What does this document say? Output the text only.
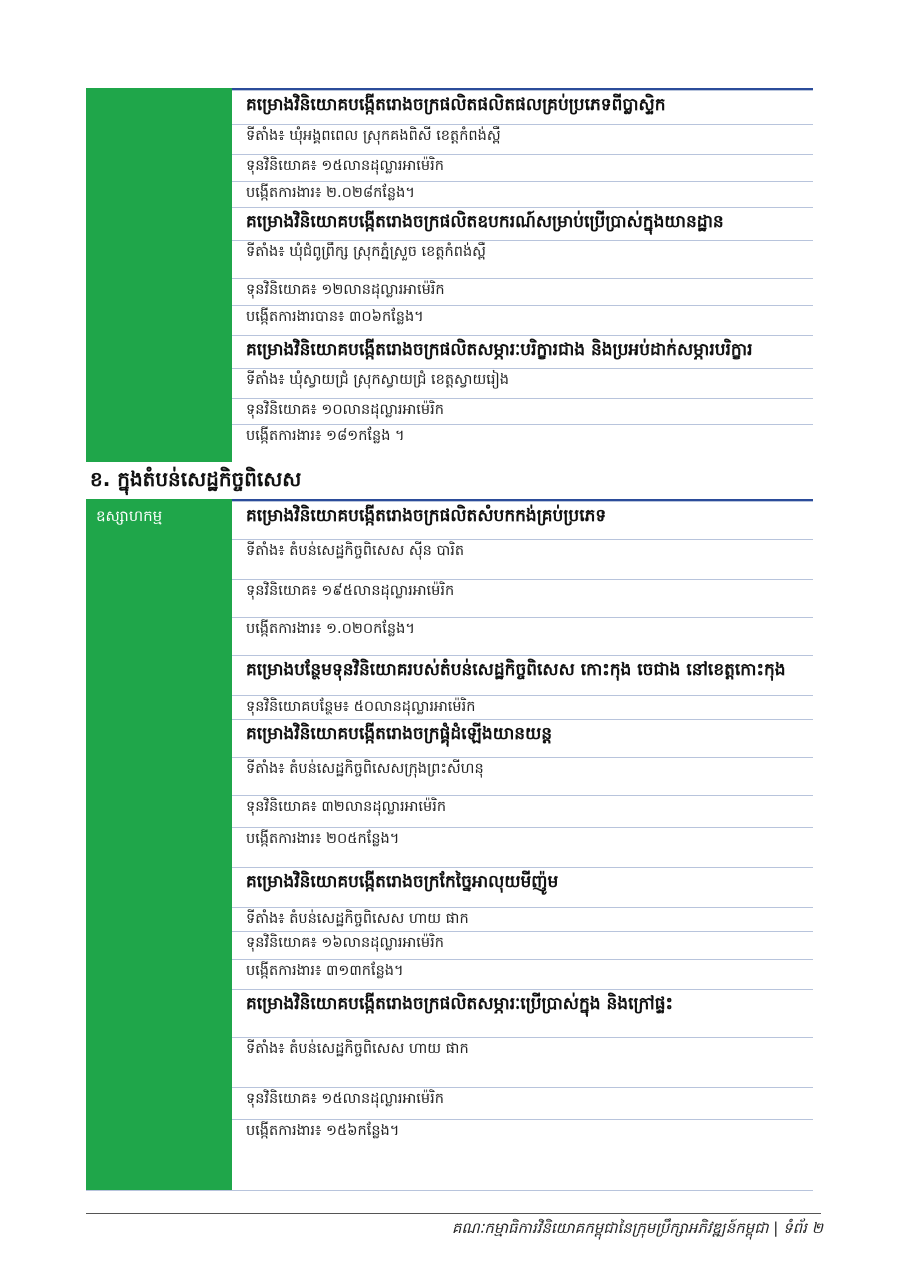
គម្រោងវិនិយោគបង្កើតរោងចក្រផលិតផលិតផលគ្រប់ប្រភេទពីប្លាស្ទិក
ទីតាំង៖ ឃុំអង្គពពេល ស្រុកគងពិសី ខេត្តកំពង់ស្ពឺ
ទុនវិនិយោគ៖ ១៥លានដុល្លារអាម៉េរិក
បង្កើតការងារ៖ ២.០២៨កន្លែង។
គម្រោងវិនិយោគបង្កើតរោងចក្រផលិតឧបករណ៍សម្រាប់ប្រើប្រាស់ក្នុងយានដ្ឋាន
ទីតាំង៖ ឃុំជំពូព្រឹក្ស ស្រុកភ្នំស្រួច ខេត្តកំពង់ស្ពឺ
ទុនវិនិយោគ៖ ១២លានដុល្លារអាម៉េរិក
បង្កើតការងារបាន៖ ៣០៦កន្លែង។
គម្រោងវិនិយោគបង្កើតរោងចក្រផលិតសម្ភារៈបរិក្ខារជាង និងប្រអប់ដាក់សម្ភារបរិក្ខារ
ទីតាំង៖ ឃុំស្វាយជ្រំ ស្រុកស្វាយជ្រំ ខេត្តស្វាយរៀង
ទុនវិនិយោគ៖ ១០លានដុល្លារអាម៉េរិក
បង្កើតការងារ៖ ១៨១កន្លែង ។
ខ. ក្នុងតំបន់សេដ្ឋកិច្ចពិសេស
ឧស្សាហកម្ម	គម្រោងវិនិយោគបង្កើតរោងចក្រផលិតសំបកកង់គ្រប់ប្រភេទ
ទីតាំង៖ តំបន់សេដ្ឋកិច្ចពិសេស ស៊ីន បារិត
ទុនវិនិយោគ៖ ១៩៥លានដុល្លារអាម៉េរិក
បង្កើតការងារ៖ ១.០២០កន្លែង។
គម្រោងបន្ថែមទុនវិនិយោគរបស់តំបន់សេដ្ឋកិច្ចពិសេស កោះកុង ចេជាង នៅខេត្តកោះកុង
ទុនវិនិយោគបន្ថែម៖ ៥០លានដុល្លារអាម៉េរិក
គម្រោងវិនិយោគបង្កើតរោងចក្រផ្គុំដំឡើងយានយន្ត
ទីតាំង៖ តំបន់សេដ្ឋកិច្ចពិសេសក្រុងព្រះសីហនុ
ទុនវិនិយោគ៖ ៣២លានដុល្លារអាម៉េរិក
បង្កើតការងារ៖ ២០៥កន្លែង។
គម្រោងវិនិយោគបង្កើតរោងចក្រកែច្នៃអាលុយមីញ៉ូម
ទីតាំង៖ តំបន់សេដ្ឋកិច្ចពិសេស ហាយ ផាក
ទុនវិនិយោគ៖ ១៦លានដុល្លារអាម៉េរិក
បង្កើតការងារ៖ ៣១៣កន្លែង។
គម្រោងវិនិយោគបង្កើតរោងចក្រផលិតសម្ភារៈប្រើប្រាស់ក្នុង និងក្រៅផ្ទះ
ទីតាំង៖ តំបន់សេដ្ឋកិច្ចពិសេស ហាយ ផាក
ទុនវិនិយោគ៖ ១៥លានដុល្លារអាម៉េរិក
បង្កើតការងារ៖ ១៥៦កន្លែង។
គណៈកម្មាធិការវិនិយោគកម្ពុជានៃក្រុមប្រឹក្សាអភិវឌ្ឍន៍កម្ពុជា | ទំព័រ ២
